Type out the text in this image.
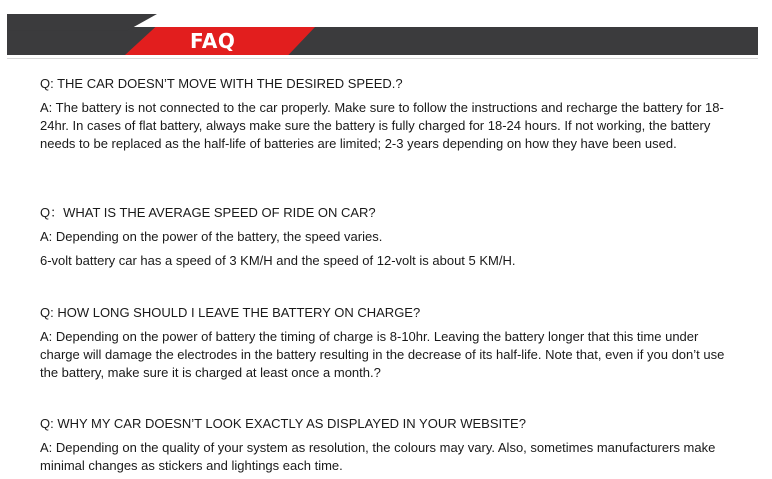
FAQ

Q: THE CAR DOESN’T MOVE WITH THE DESIRED SPEED.?

A: The battery is not connected to the car properly. Make sure to follow the instructions and recharge the battery for 18-24hr. In cases of flat battery, always make sure the battery is fully charged for 18-24 hours. If not working, the battery needs to be replaced as the half-life of batteries are limited; 2-3 years depending on how they have been used.

Q：WHAT IS THE AVERAGE SPEED OF RIDE ON CAR?

A: Depending on the power of the battery, the speed varies.

6-volt battery car has a speed of 3 KM/H and the speed of 12-volt is about 5 KM/H.

Q: HOW LONG SHOULD I LEAVE THE BATTERY ON CHARGE?

A: Depending on the power of battery the timing of charge is 8-10hr. Leaving the battery longer that this time under charge will damage the electrodes in the battery resulting in the decrease of its half-life. Note that, even if you don’t use the battery, make sure it is charged at least once a month.?

Q: WHY MY CAR DOESN’T LOOK EXACTLY AS DISPLAYED IN YOUR WEBSITE?

A: Depending on the quality of your system as resolution, the colours may vary. Also, sometimes manufacturers make minimal changes as stickers and lightings each time.
